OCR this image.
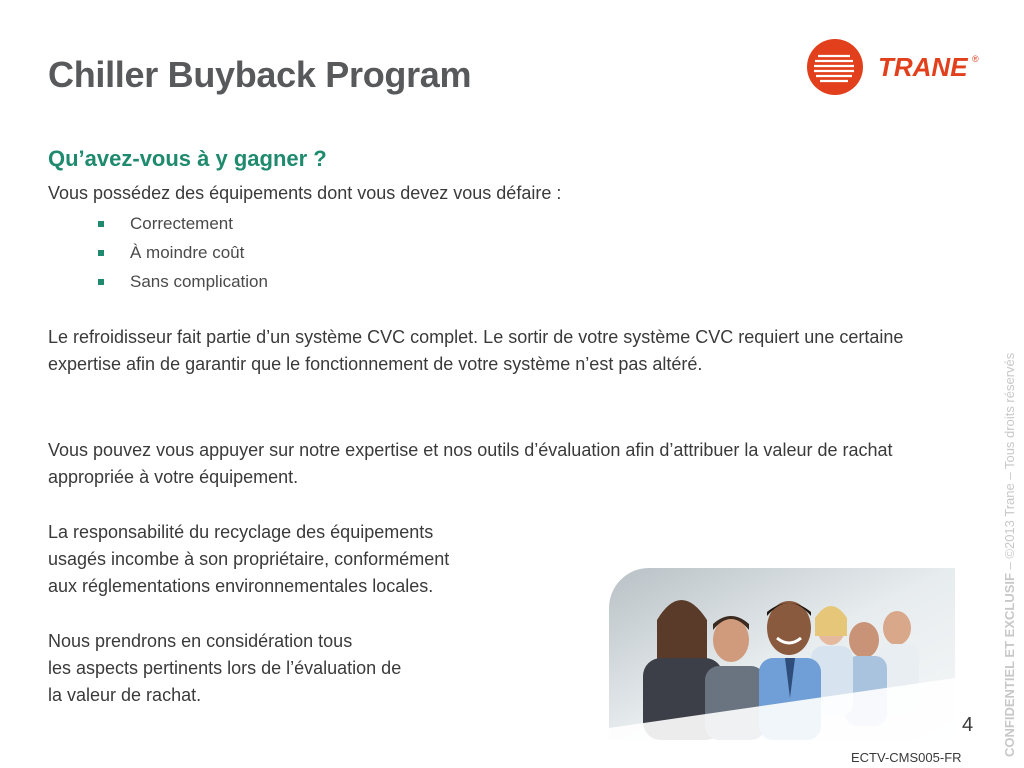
Chiller Buyback Program	TRANE ®
Qu’avez-vous à y gagner ?

Vous possédez des équipements dont vous devez vous défaire :

Correctement
À moindre coût
Sans complication

Le refroidisseur fait partie d’un système CVC complet. Le sortir de votre système CVC requiert une certaine expertise afin de garantir que le fonctionnement de votre système n’est pas altéré.

Vous pouvez vous appuyer sur notre expertise et nos outils d’évaluation afin d’attribuer la valeur de rachat appropriée à votre équipement.

La responsabilité du recyclage des équipements
usagés incombe à son propriétaire, conformément
aux réglementations environnementales locales.

Nous prendrons en considération tous
les aspects pertinents lors de l’évaluation de
la valeur de rachat.	CONFIDENTIEL ET EXCLUSIF – ©2013 Trane – Tous droits réservés
4
ECTV-CMS005-FR
